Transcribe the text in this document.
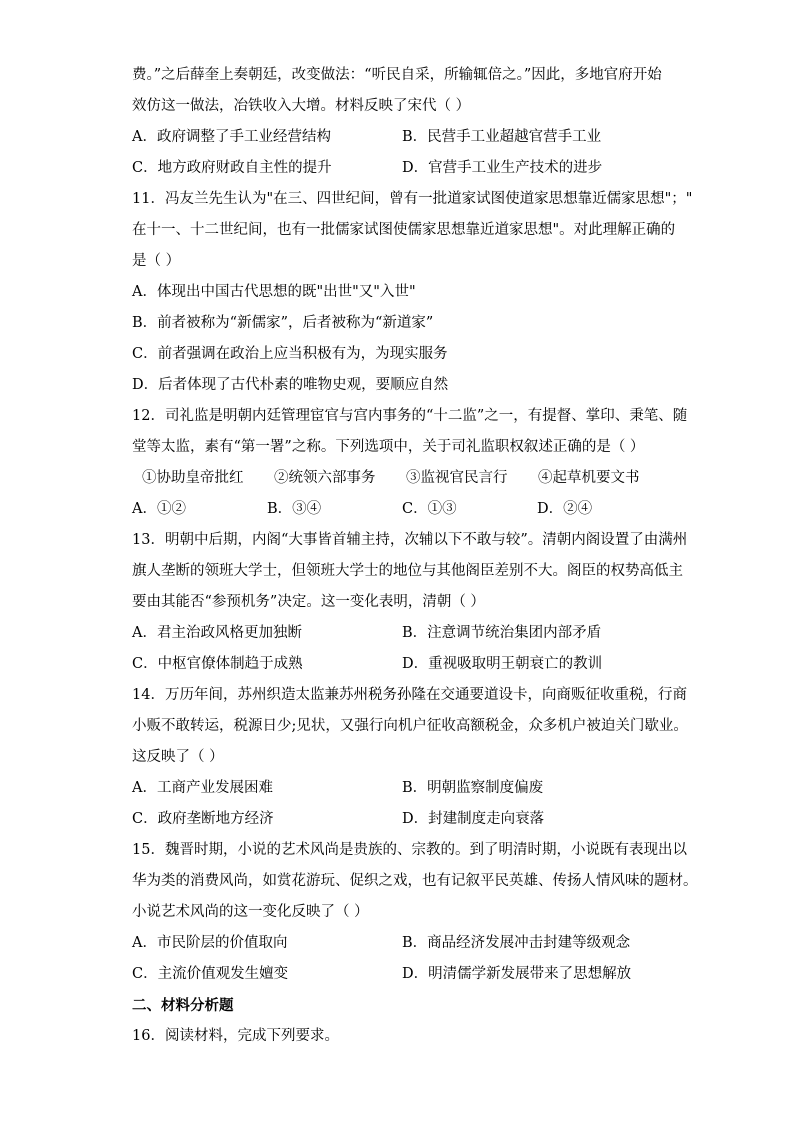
费。”之后薛奎上奏朝廷，改变做法：“听民自采，所输辄倍之。”因此，多地官府开始
效仿这一做法，冶铁收入大增。材料反映了宋代（ ）
A．政府调整了手工业经营结构	B．民营手工业超越官营手工业
C．地方政府财政自主性的提升	D．官营手工业生产技术的进步
11．冯友兰先生认为"在三、四世纪间，曾有一批道家试图使道家思想靠近儒家思想"；"
在十一、十二世纪间，也有一批儒家试图使儒家思想靠近道家思想"。对此理解正确的
是（ ）
A．体现出中国古代思想的既"出世"又"入世"
B．前者被称为“新儒家”，后者被称为“新道家”
C．前者强调在政治上应当积极有为，为现实服务
D．后者体现了古代朴素的唯物史观，要顺应自然
12．司礼监是明朝内廷管理宦官与宫内事务的“十二监”之一，有提督、掌印、秉笔、随
堂等太监，素有“第一署”之称。下列选项中，关于司礼监职权叙述正确的是（ ）
①协助皇帝批红	②统领六部事务	③监视官民言行	④起草机要文书
A．①②	B．③④	C．①③	D．②④
13．明朝中后期，内阁“大事皆首辅主持，次辅以下不敢与较”。清朝内阁设置了由满州
旗人垄断的领班大学士，但领班大学士的地位与其他阁臣差别不大。阁臣的权势高低主
要由其能否“参预机务”决定。这一变化表明，清朝（ ）
A．君主治政风格更加独断	B．注意调节统治集团内部矛盾
C．中枢官僚体制趋于成熟	D．重视吸取明王朝衰亡的教训
14．万历年间，苏州织造太监兼苏州税务孙隆在交通要道设卡，向商贩征收重税，行商
小贩不敢转运，税源日少;见状，又强行向机户征收高额税金，众多机户被迫关门歇业。
这反映了（ ）
A．工商产业发展困难	B．明朝监察制度偏废
C．政府垄断地方经济	D．封建制度走向衰落
15．魏晋时期，小说的艺术风尚是贵族的、宗教的。到了明清时期，小说既有表现出以
华为类的消费风尚，如赏花游玩、促织之戏，也有记叙平民英雄、传扬人情风味的题材。
小说艺术风尚的这一变化反映了（ ）
A．市民阶层的价值取向	B．商品经济发展冲击封建等级观念
C．主流价值观发生嬗变	D．明清儒学新发展带来了思想解放
二、材料分析题
16．阅读材料，完成下列要求。
